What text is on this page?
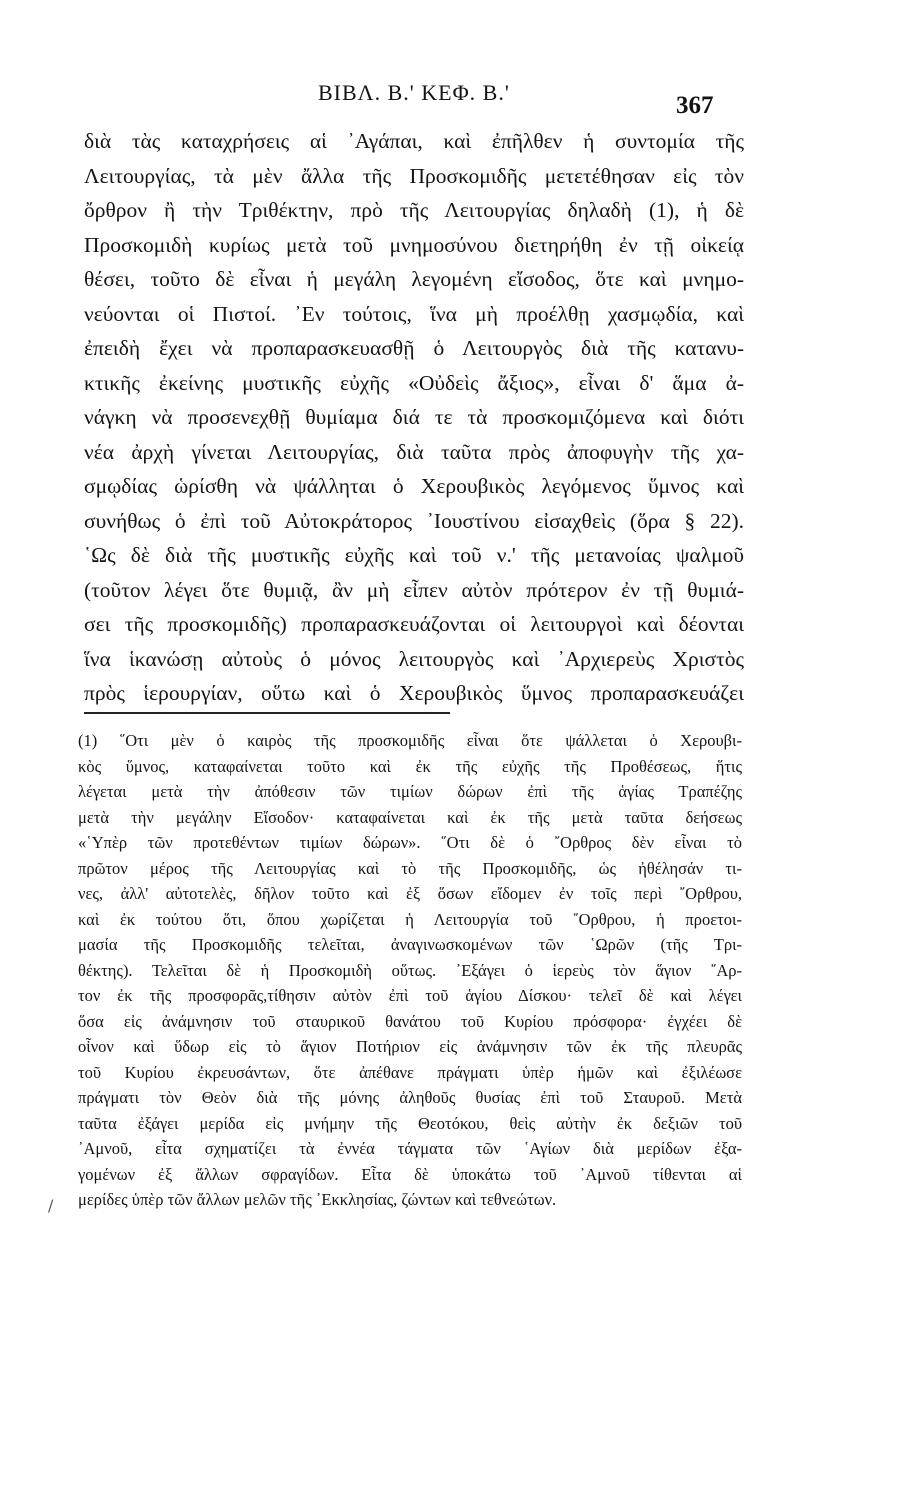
BIBΛ. Β.' ΚΕΦ. Β.'	367
διὰ τὰς καταχρήσεις αἱ ᾿Αγάπαι, καὶ ἐπῆλθεν ἡ συντομία τῆς
Λειτουργίας, τὰ μὲν ἄλλα τῆς Προσκομιδῆς μετετέθησαν εἰς τὸν
ὄρθρον ἢ τὴν Τριθέκτην, πρὸ τῆς Λειτουργίας δηλαδὴ (1), ἡ δὲ
Προσκομιδὴ κυρίως μετὰ τοῦ μνημοσύνου διετηρήθη ἐν τῇ οἰκείᾳ
θέσει, τοῦτο δὲ εἶναι ἡ μεγάλη λεγομένη εἴσοδος, ὅτε καὶ μνημο-
νεύονται οἱ Πιστοί. ᾿Εν τούτοις, ἵνα μὴ προέλθῃ χασμῳδία, καὶ
ἐπειδὴ ἔχει νὰ προπαρασκευασθῇ ὁ Λειτουργὸς διὰ τῆς κατανυ-
κτικῆς ἐκείνης μυστικῆς εὐχῆς «Οὐδεὶς ἄξιος», εἶναι δ' ἅμα ἀ-
νάγκη νὰ προσενεχθῇ θυμίαμα διά τε τὰ προσκομιζόμενα καὶ διότι
νέα ἀρχὴ γίνεται Λειτουργίας, διὰ ταῦτα πρὸς ἀποφυγὴν τῆς χα-
σμῳδίας ὡρίσθη νὰ ψάλληται ὁ Χερουβικὸς λεγόμενος ὕμνος καὶ
συνήθως ὁ ἐπὶ τοῦ Αὐτοκράτορος ᾿Ιουστίνου εἰσαχθεὶς (ὅρα § 22).
῾Ως δὲ διὰ τῆς μυστικῆς εὐχῆς καὶ τοῦ ν.' τῆς μετανοίας ψαλμοῦ
(τοῦτον λέγει ὅτε θυμιᾷ, ἂν μὴ εἶπεν αὐτὸν πρότερον ἐν τῇ θυμιά-
σει τῆς προσκομιδῆς) προπαρασκευάζονται οἱ λειτουργοὶ καὶ δέονται
ἵνα ἱκανώσῃ αὐτοὺς ὁ μόνος λειτουργὸς καὶ ᾿Αρχιερεὺς Χριστὸς
πρὸς ἱερουργίαν, οὕτω καὶ ὁ Χερουβικὸς ὕμνος προπαρασκευάζει
(1) ῞Οτι μὲν ὁ καιρὸς τῆς προσκομιδῆς εἶναι ὅτε ψάλλεται ὁ Χερουβι-
κὸς ὕμνος, καταφαίνεται τοῦτο καὶ ἐκ τῆς εὐχῆς τῆς Προθέσεως, ἥτις
λέγεται μετὰ τὴν ἀπόθεσιν τῶν τιμίων δώρων ἐπὶ τῆς ἁγίας Τραπέζης
μετὰ τὴν μεγάλην Εἴσοδον· καταφαίνεται καὶ ἐκ τῆς μετὰ ταῦτα δεήσεως
«῾Υπὲρ τῶν προτεθέντων τιμίων δώρων». ῞Οτι δὲ ὁ ῎Ορθρος δὲν εἶναι τὸ
πρῶτον μέρος τῆς Λειτουργίας καὶ τὸ τῆς Προσκομιδῆς, ὡς ἠθέλησάν τι-
νες, ἀλλ' αὐτοτελὲς, δῆλον τοῦτο καὶ ἐξ ὅσων εἴδομεν ἐν τοῖς περὶ ῎Ορθρου,
καὶ ἐκ τούτου ὅτι, ὅπου χωρίζεται ἡ Λειτουργία τοῦ ῎Ορθρου, ἡ προετοι-
μασία τῆς Προσκομιδῆς τελεῖται, ἀναγινωσκομένων τῶν ῾Ωρῶν (τῆς Τρι-
θέκτης). Τελεῖται δὲ ἡ Προσκομιδὴ οὕτως. ᾿Εξάγει ὁ ἱερεὺς τὸν ἅγιον ῎Αρ-
τον ἐκ τῆς προσφορᾶς,τίθησιν αὐτὸν ἐπὶ τοῦ ἁγίου Δίσκου· τελεῖ δὲ καὶ λέγει
ὅσα εἰς ἀνάμνησιν τοῦ σταυρικοῦ θανάτου τοῦ Κυρίου πρόσφορα· ἐγχέει δὲ
οἶνον καὶ ὕδωρ εἰς τὸ ἅγιον Ποτήριον εἰς ἀνάμνησιν τῶν ἐκ τῆς πλευρᾶς
τοῦ Κυρίου ἐκρευσάντων, ὅτε ἀπέθανε πράγματι ὑπὲρ ἡμῶν καὶ ἐξιλέωσε
πράγματι τὸν Θεὸν διὰ τῆς μόνης ἀληθοῦς θυσίας ἐπὶ τοῦ Σταυροῦ. Μετὰ
ταῦτα ἐξάγει μερίδα εἰς μνήμην τῆς Θεοτόκου, θεὶς αὐτὴν ἐκ δεξιῶν τοῦ
᾿Αμνοῦ, εἶτα σχηματίζει τὰ ἐννέα τάγματα τῶν ῾Αγίων διὰ μερίδων ἐξα-
γομένων ἐξ ἄλλων σφραγίδων. Εἶτα δὲ ὑποκάτω τοῦ ᾿Αμνοῦ τίθενται αἱ
μερίδες ὑπὲρ τῶν ἄλλων μελῶν τῆς ᾿Εκκλησίας, ζώντων καὶ τεθνεώτων.
/
